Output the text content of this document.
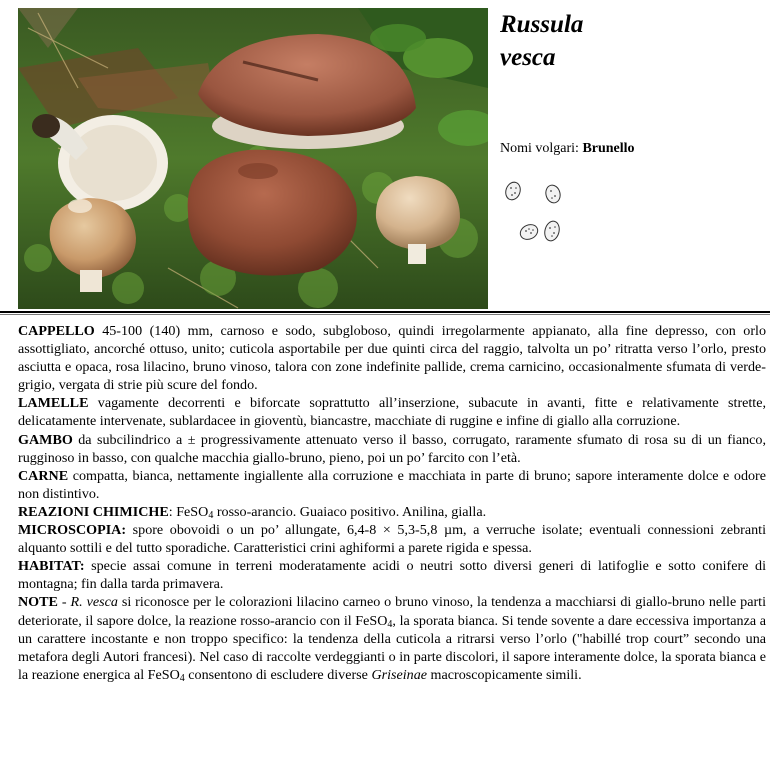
Russula
vesca
Nomi volgari: Brunello

CAPPELLO 45-100 (140) mm, carnoso e sodo, subgloboso, quindi irregolarmente appianato, alla fine depresso, con orlo assottigliato, ancorché ottuso, unito; cuticola asportabile per due quinti circa del raggio, talvolta un po’ ritratta verso l’orlo, presto asciutta e opaca, rosa lilacino, bruno vinoso, talora con zone indefinite pallide, crema carnicino, occasionalmente sfumata di verde-grigio, vergata di strie più scure del fondo.

LAMELLE vagamente decorrenti e biforcate soprattutto all’inserzione, subacute in avanti, fitte e relativamente strette, delicatamente intervenate, sublardacee in gioventù, biancastre, macchiate di ruggine e infine di giallo alla corruzione.

GAMBO da subcilindrico a ± progressivamente attenuato verso il basso, corrugato, raramente sfumato di rosa su di un fianco, rugginoso in basso, con qualche macchia giallo-bruno, pieno, poi un po’ farcito con l’età.

CARNE compatta, bianca, nettamente ingiallente alla corruzione e macchiata in parte di bruno; sapore interamente dolce e odore non distintivo.

REAZIONI CHIMICHE: FeSO$_4$ rosso-arancio. Guaiaco positivo. Anilina, gialla.

MICROSCOPIA: spore obovoidi o un po’ allungate, 6,4-8 × 5,3-5,8 µm, a verruche isolate; eventuali connessioni zebranti alquanto sottili e del tutto sporadiche. Caratteristici crini aghiformi a parete rigida e spessa.

HABITAT: specie assai comune in terreni moderatamente acidi o neutri sotto diversi generi di latifoglie e sotto conifere di montagna; fin dalla tarda primavera.

NOTE - R. vesca si riconosce per le colorazioni lilacino carneo o bruno vinoso, la tendenza a macchiarsi di giallo-bruno nelle parti deteriorate, il sapore dolce, la reazione rosso-arancio con il FeSO$_4$, la sporata bianca. Si tende sovente a dare eccessiva importanza a un carattere incostante e non troppo specifico: la tendenza della cuticola a ritrarsi verso l’orlo ("habillé trop court” secondo una metafora degli Autori francesi). Nel caso di raccolte verdeggianti o in parte discolori, il sapore interamente dolce, la sporata bianca e la reazione energica al FeSO$_4$ consentono di escludere diverse Griseinae macroscopicamente simili.
